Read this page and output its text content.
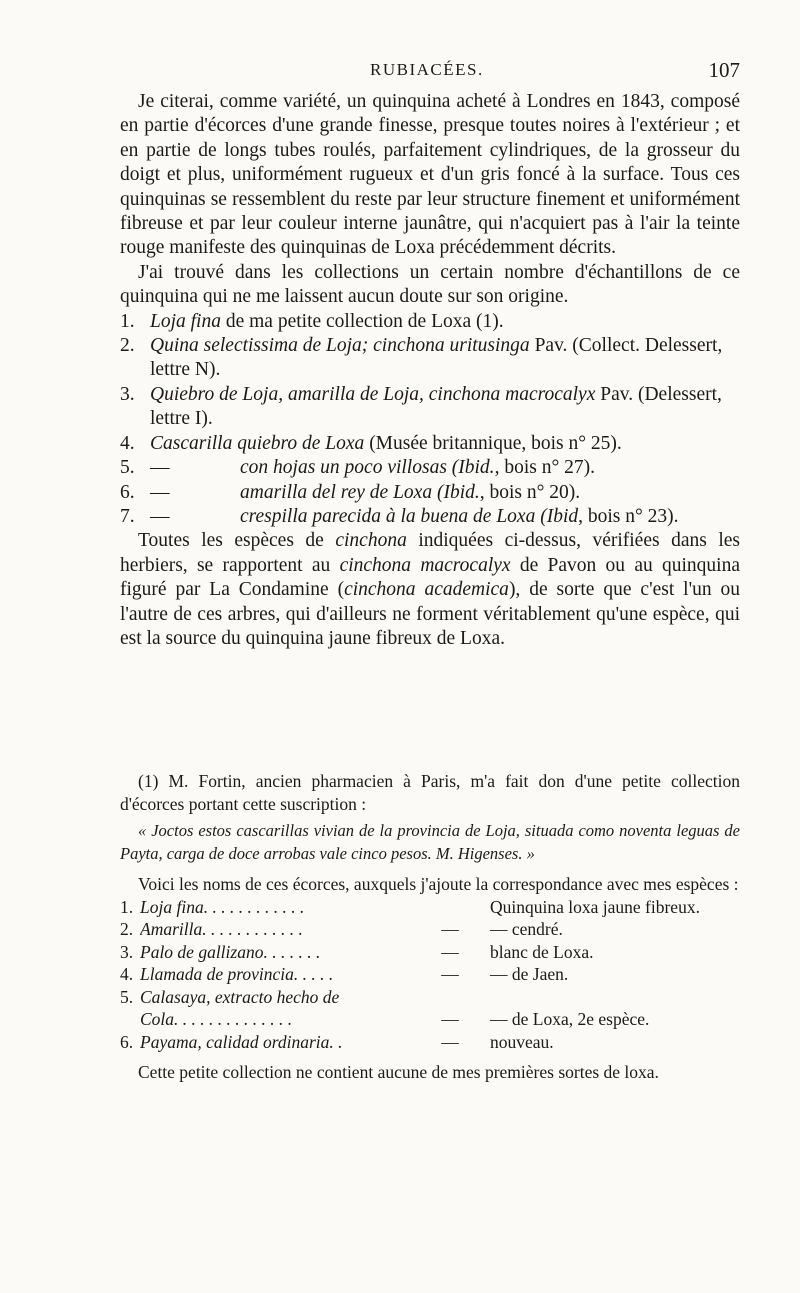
RUBIACÉES.	107

Je citerai, comme variété, un quinquina acheté à Londres en 1843, composé en partie d'écorces d'une grande finesse, presque toutes noires à l'extérieur ; et en partie de longs tubes roulés, parfaitement cylindriques, de la grosseur du doigt et plus, uniformément rugueux et d'un gris foncé à la surface. Tous ces quinquinas se ressemblent du reste par leur structure finement et uniformément fibreuse et par leur couleur interne jaunâtre, qui n'acquiert pas à l'air la teinte rouge manifeste des quinquinas de Loxa précédemment décrits.

J'ai trouvé dans les collections un certain nombre d'échantillons de ce quinquina qui ne me laissent aucun doute sur son origine.

1. Loja fina de ma petite collection de Loxa (1).
2. Quina selectissima de Loja; cinchona uritusinga Pav. (Collect. Delessert, lettre N).
3. Quiebro de Loja, amarilla de Loja, cinchona macrocalyx Pav. (Delessert, lettre I).
4. Cascarilla quiebro de Loxa (Musée britannique, bois n° 25).
5. —	con hojas un poco villosas (Ibid., bois n° 27).
6. —	amarilla del rey de Loxa (Ibid., bois n° 20).
7. —	crespilla parecida à la buena de Loxa (Ibid, bois n° 23).

Toutes les espèces de cinchona indiquées ci-dessus, vérifiées dans les herbiers, se rapportent au cinchona macrocalyx de Pavon ou au quinquina figuré par La Condamine (cinchona academica), de sorte que c'est l'un ou l'autre de ces arbres, qui d'ailleurs ne forment véritablement qu'une espèce, qui est la source du quinquina jaune fibreux de Loxa.

(1) M. Fortin, ancien pharmacien à Paris, m'a fait don d'une petite collection d'écorces portant cette suscription :

« Joctos estos cascarillas vivian de la provincia de Loja, situada como noventa leguas de Payta, carga de doce arrobas vale cinco pesos. M. Higenses. »

Voici les noms de ces écorces, auxquels j'ajoute la correspondance avec mes espèces :

1. Loja fina. . . . . . . . . . . .	Quinquina loxa jaune fibreux.
2. Amarilla. . . . . . . . . . . .	—	— cendré.
3. Palo de gallizano. . . . . . .	—	blanc de Loxa.
4. Llamada de provincia. . . . .	—	— de Jaen.
5. Calasaya, extracto hecho de
Cola. . . . . . . . . . . . . .	—	— de Loxa, 2e espèce.
6. Payama, calidad ordinaria. .	—	nouveau.

Cette petite collection ne contient aucune de mes premières sortes de loxa.
